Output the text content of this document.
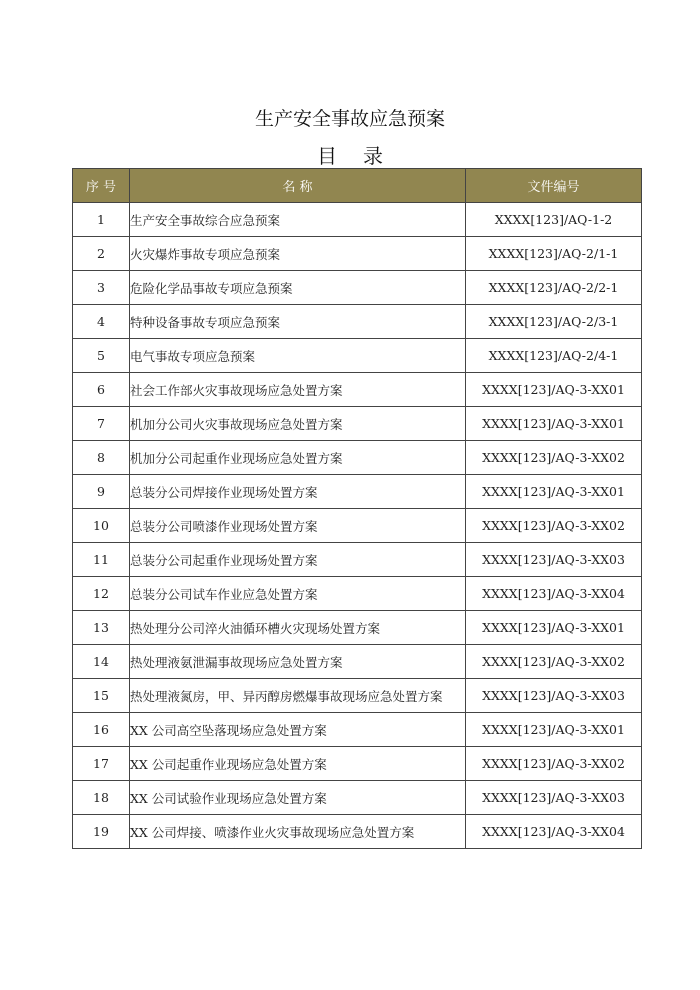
生产安全事故应急预案
目录
序 号	名 称	文件编号
1	生产安全事故综合应急预案	XXXX[123]/AQ-1-2
2	火灾爆炸事故专项应急预案	XXXX[123]/AQ-2/1-1
3	危险化学品事故专项应急预案	XXXX[123]/AQ-2/2-1
4	特种设备事故专项应急预案	XXXX[123]/AQ-2/3-1
5	电气事故专项应急预案	XXXX[123]/AQ-2/4-1
6	社会工作部火灾事故现场应急处置方案	XXXX[123]/AQ-3-XX01
7	机加分公司火灾事故现场应急处置方案	XXXX[123]/AQ-3-XX01
8	机加分公司起重作业现场应急处置方案	XXXX[123]/AQ-3-XX02
9	总装分公司焊接作业现场处置方案	XXXX[123]/AQ-3-XX01
10	总装分公司喷漆作业现场处置方案	XXXX[123]/AQ-3-XX02
11	总装分公司起重作业现场处置方案	XXXX[123]/AQ-3-XX03
12	总装分公司试车作业应急处置方案	XXXX[123]/AQ-3-XX04
13	热处理分公司淬火油循环槽火灾现场处置方案	XXXX[123]/AQ-3-XX01
14	热处理液氨泄漏事故现场应急处置方案	XXXX[123]/AQ-3-XX02
15	热处理液氮房，甲、异丙醇房燃爆事故现场应急处置方案	XXXX[123]/AQ-3-XX03
16	XX 公司高空坠落现场应急处置方案	XXXX[123]/AQ-3-XX01
17	XX 公司起重作业现场应急处置方案	XXXX[123]/AQ-3-XX02
18	XX 公司试验作业现场应急处置方案	XXXX[123]/AQ-3-XX03
19	XX 公司焊接、喷漆作业火灾事故现场应急处置方案	XXXX[123]/AQ-3-XX04
